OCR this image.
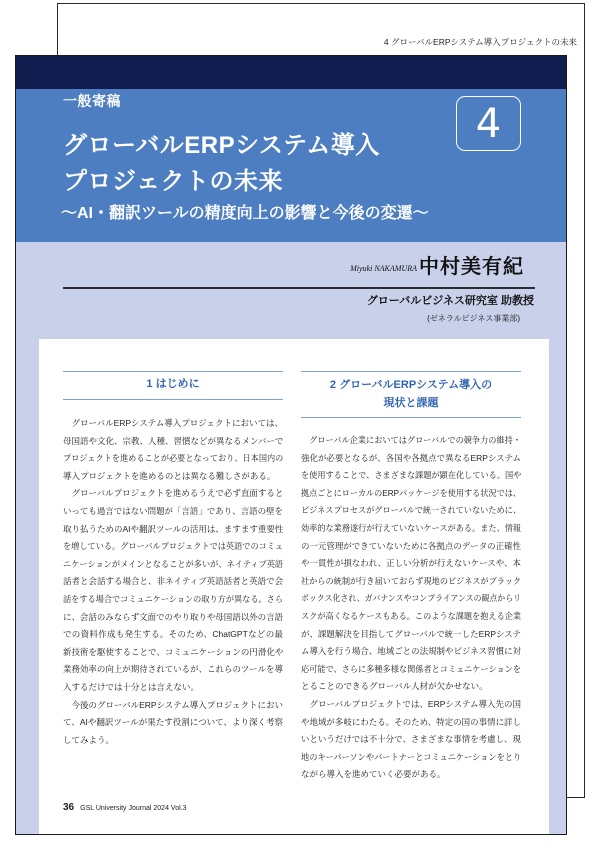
4 グローバルERPシステム導入プロジェクトの未来
一般寄稿
グローバルERPシステム導入
プロジェクトの未来
〜AI・翻訳ツールの精度向上の影響と今後の変遷〜
4
Miyuki NAKAMURA 中村美有紀
グローバルビジネス研究室 助教授
(ゼネラルビジネス事業部)
1 はじめに	2 グローバルERPシステム導入の
現状と課題
グローバルERPシステム導入プロジェクトにおいては、
母国語や文化、宗教、人種、習慣などが異なるメンバーで
プロジェクトを進めることが必要となっており、日本国内の
導入プロジェクトを進めるのとは異なる難しさがある。
グローバルプロジェクトを進めるうえで必ず直面すると
いっても過言ではない問題が「言語」であり、言語の壁を
取り払うためのAIや翻訳ツールの活用は、ますます重要性
を増している。グローバルプロジェクトでは英語でのコミュ
ニケーションがメインとなることが多いが、ネイティブ英語
話者と会話する場合と、非ネイティブ英語話者と英語で会
話をする場合でコミュニケーションの取り方が異なる。さら
に、会話のみならず文面でのやり取りや母国語以外の言語
での資料作成も発生する。そのため、ChatGPTなどの最
新技術を駆使することで、コミュニケーションの円滑化や
業務効率の向上が期待されているが、これらのツールを導
入するだけでは十分とは言えない。
今後のグローバルERPシステム導入プロジェクトにおい
て、AIや翻訳ツールが果たす役割について、より深く考察
してみよう。
グローバル企業においてはグローバルでの競争力の維持・
強化が必要となるが、各国や各拠点で異なるERPシステム
を使用することで、さまざまな課題が顕在化している。国や
拠点ごとにローカルのERPパッケージを使用する状況では、
ビジネスプロセスがグローバルで統一されていないために、
効率的な業務遂行が行えていないケースがある。また、情報
の一元管理ができていないために各拠点のデータの正確性
や一貫性が損なわれ、正しい分析が行えないケースや、本
社からの統制が行き届いておらず現地のビジネスがブラック
ボックス化され、ガバナンスやコンプライアンスの観点からリ
スクが高くなるケースもある。このような課題を抱える企業
が、課題解決を目指してグローバルで統一したERPシステ
ム導入を行う場合、地域ごとの法規制やビジネス習慣に対
応可能で、さらに多種多様な関係者とコミュニケーションを
とることのできるグローバル人材が欠かせない。
グローバルプロジェクトでは、ERPシステム導入先の国
や地域が多岐にわたる。そのため、特定の国の事情に詳し
いというだけでは不十分で、さまざまな事情を考慮し、現
地のキーパーソンやパートナーとコミュニケーションをとり
ながら導入を進めていく必要がある。
36 GSL University Journal 2024 Vol.3
